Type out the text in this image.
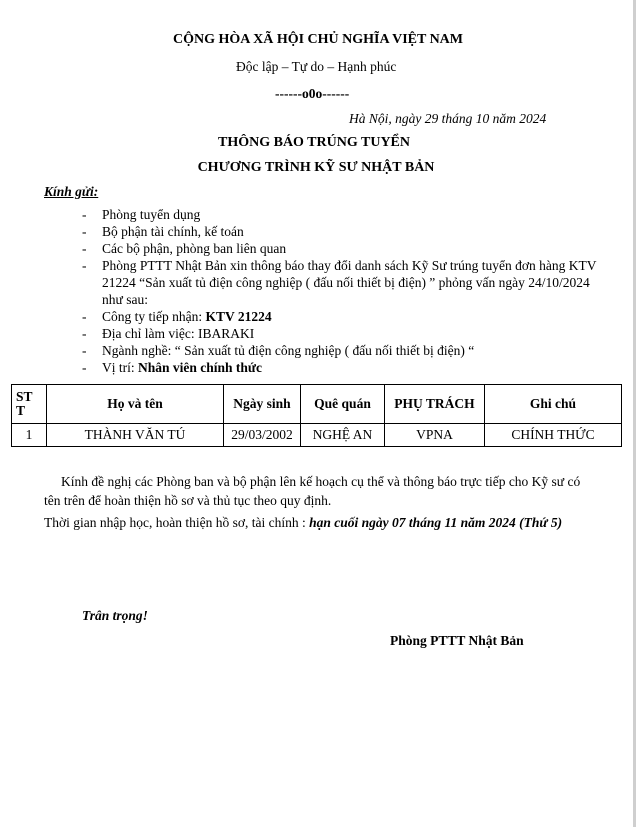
CỘNG HÒA XÃ HỘI CHỦ NGHĨA VIỆT NAM
Độc lập – Tự do – Hạnh phúc
------o0o------
Hà Nội, ngày 29 tháng 10 năm 2024
THÔNG BÁO TRÚNG TUYỂN
CHƯƠNG TRÌNH KỸ SƯ NHẬT BẢN
Kính gửi:
- Phòng tuyển dụng
- Bộ phận tài chính, kế toán
- Các bộ phận, phòng ban liên quan
- Phòng PTTT Nhật Bản xin thông báo thay đổi danh sách Kỹ Sư trúng tuyển đơn hàng KTV 21224 “Sản xuất tủ điện công nghiệp ( đấu nối thiết bị điện) ” phỏng vấn ngày 24/10/2024 như sau:
- Công ty tiếp nhận: KTV 21224
- Địa chỉ làm việc: IBARAKI
- Ngành nghề: “ Sản xuất tủ điện công nghiệp ( đấu nối thiết bị điện) “
- Vị trí: Nhân viên chính thức
ST T	Họ và tên	Ngày sinh	Quê quán	PHỤ TRÁCH	Ghi chú
1	THÀNH VĂN TÚ	29/03/2002	NGHỆ AN	VPNA	CHÍNH THỨC
Kính đề nghị các Phòng ban và bộ phận lên kế hoạch cụ thể và thông báo trực tiếp cho Kỹ sư có tên trên để hoàn thiện hồ sơ và thủ tục theo quy định.
Thời gian nhập học, hoàn thiện hồ sơ, tài chính : hạn cuối ngày 07 tháng 11 năm 2024 (Thứ 5)
Trân trọng!
Phòng PTTT Nhật Bản
